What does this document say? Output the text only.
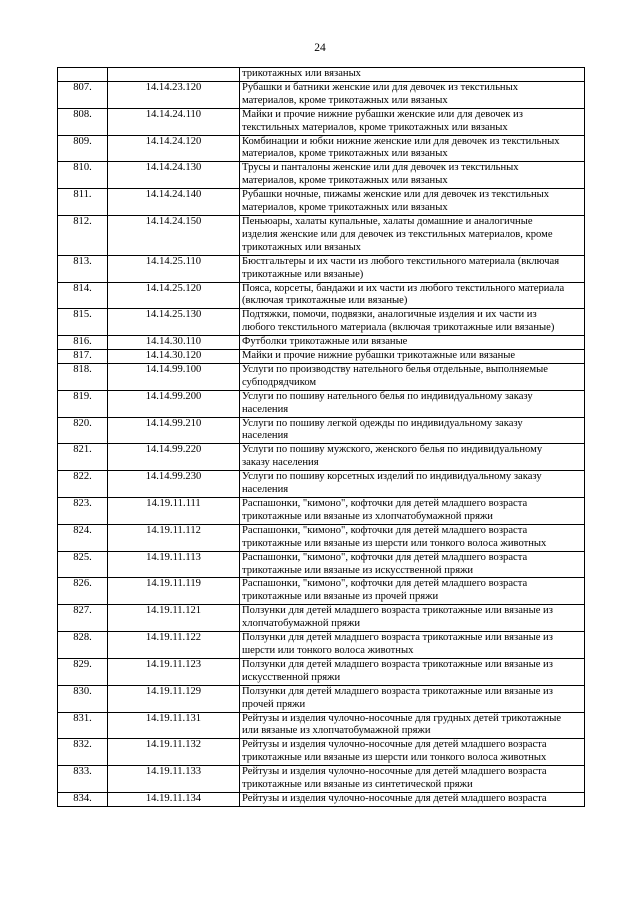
24

		трикотажных или вязаных

807.	14.14.23.120	Рубашки и батники женские или для девочек из текстильных
материалов, кроме трикотажных или вязаных

808.	14.14.24.110	Майки и прочие нижние рубашки женские или для девочек из
текстильных материалов, кроме трикотажных или вязаных

809.	14.14.24.120	Комбинации и юбки нижние женские или для девочек из текстильных
материалов, кроме трикотажных или вязаных

810.	14.14.24.130	Трусы и панталоны женские или для девочек из текстильных
материалов, кроме трикотажных или вязаных

811.	14.14.24.140	Рубашки ночные, пижамы женские или для девочек из текстильных
материалов, кроме трикотажных или вязаных

812.	14.14.24.150	Пеньюары, халаты купальные, халаты домашние и аналогичные
изделия женские или для девочек из текстильных материалов, кроме
трикотажных или вязаных

813.	14.14.25.110	Бюстгальтеры и их части из любого текстильного материала (включая
трикотажные или вязаные)

814.	14.14.25.120	Пояса, корсеты, бандажи и их части из любого текстильного материала
(включая трикотажные или вязаные)

815.	14.14.25.130	Подтяжки, помочи, подвязки, аналогичные изделия и их части из
любого текстильного материала (включая трикотажные или вязаные)

816.	14.14.30.110	Футболки трикотажные или вязаные

817.	14.14.30.120	Майки и прочие нижние рубашки трикотажные или вязаные

818.	14.14.99.100	Услуги по производству нательного белья отдельные, выполняемые
субподрядчиком

819.	14.14.99.200	Услуги по пошиву нательного белья по индивидуальному заказу
населения

820.	14.14.99.210	Услуги по пошиву легкой одежды по индивидуальному заказу
населения

821.	14.14.99.220	Услуги по пошиву мужского, женского белья по индивидуальному
заказу населения

822.	14.14.99.230	Услуги по пошиву корсетных изделий по индивидуальному заказу
населения

823.	14.19.11.111	Распашонки, "кимоно", кофточки для детей младшего возраста
трикотажные или вязаные из хлопчатобумажной пряжи

824.	14.19.11.112	Распашонки, "кимоно", кофточки для детей младшего возраста
трикотажные или вязаные из шерсти или тонкого волоса животных

825.	14.19.11.113	Распашонки, "кимоно", кофточки для детей младшего возраста
трикотажные или вязаные из искусственной пряжи

826.	14.19.11.119	Распашонки, "кимоно", кофточки для детей младшего возраста
трикотажные или вязаные из прочей пряжи

827.	14.19.11.121	Ползунки для детей младшего возраста трикотажные или вязаные из
хлопчатобумажной пряжи

828.	14.19.11.122	Ползунки для детей младшего возраста трикотажные или вязаные из
шерсти или тонкого волоса животных

829.	14.19.11.123	Ползунки для детей младшего возраста трикотажные или вязаные из
искусственной пряжи

830.	14.19.11.129	Ползунки для детей младшего возраста трикотажные или вязаные из
прочей пряжи

831.	14.19.11.131	Рейтузы и изделия чулочно-носочные для грудных детей трикотажные
или вязаные из хлопчатобумажной пряжи

832.	14.19.11.132	Рейтузы и изделия чулочно-носочные для детей младшего возраста
трикотажные или вязаные из шерсти или тонкого волоса животных

833.	14.19.11.133	Рейтузы и изделия чулочно-носочные для детей младшего возраста
трикотажные или вязаные из синтетической пряжи

834.	14.19.11.134	Рейтузы и изделия чулочно-носочные для детей младшего возраста
